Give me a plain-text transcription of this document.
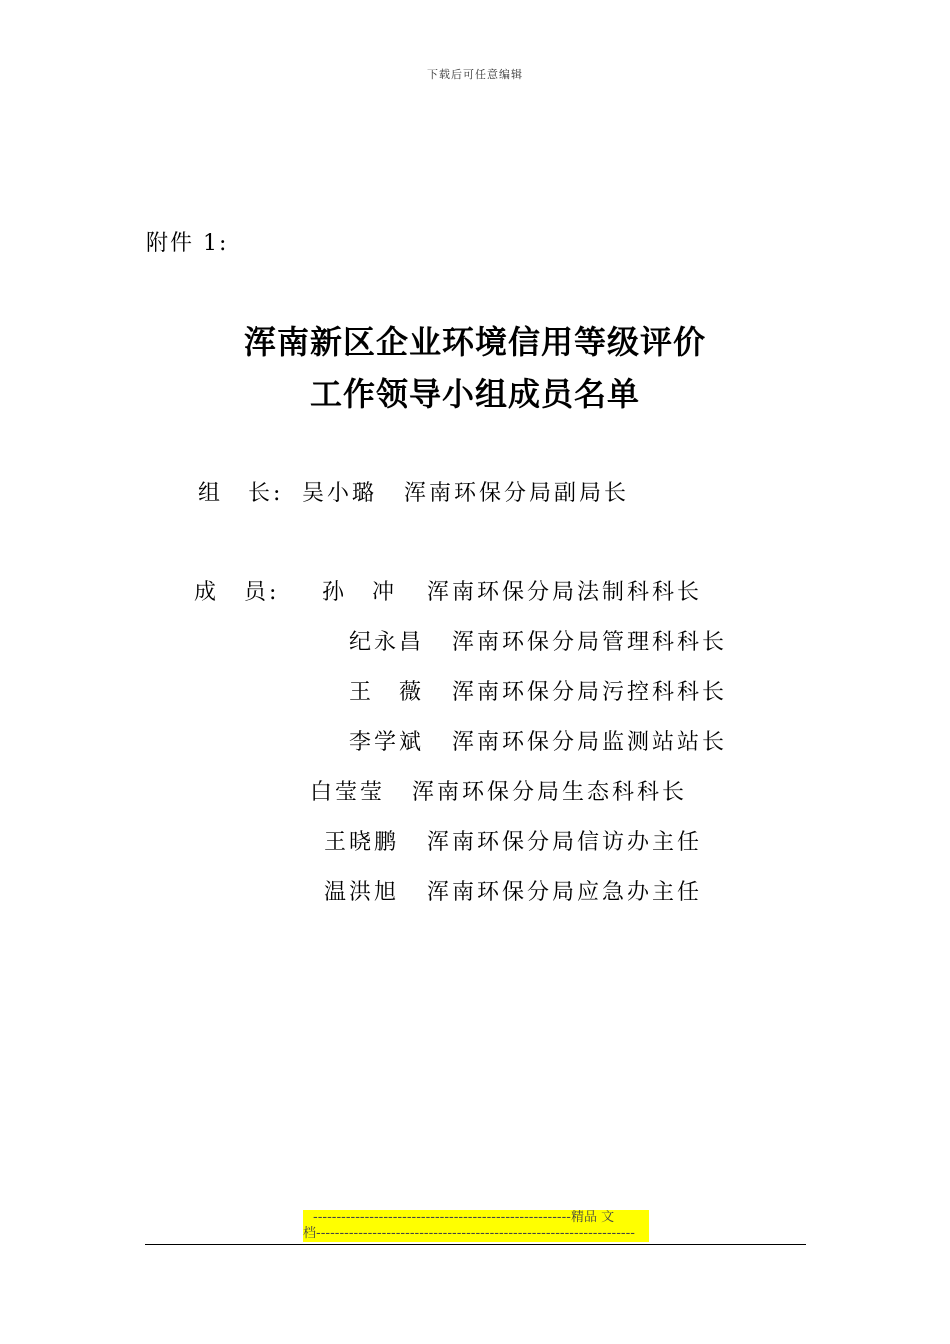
下载后可任意编辑
附件 1:
浑南新区企业环境信用等级评价
工作领导小组成员名单
组　长: 吴小璐 浑南环保分局副局长
成　员: 孙　冲 浑南环保分局法制科科长
纪永昌 浑南环保分局管理科科长
王　薇 浑南环保分局污控科科长
李学斌 浑南环保分局监测站站长
白莹莹 浑南环保分局生态科科长
王晓鹏 浑南环保分局信访办主任
温洪旭 浑南环保分局应急办主任
-------------------------------------------------------精品 文
档--------------------------------------------------------------------
